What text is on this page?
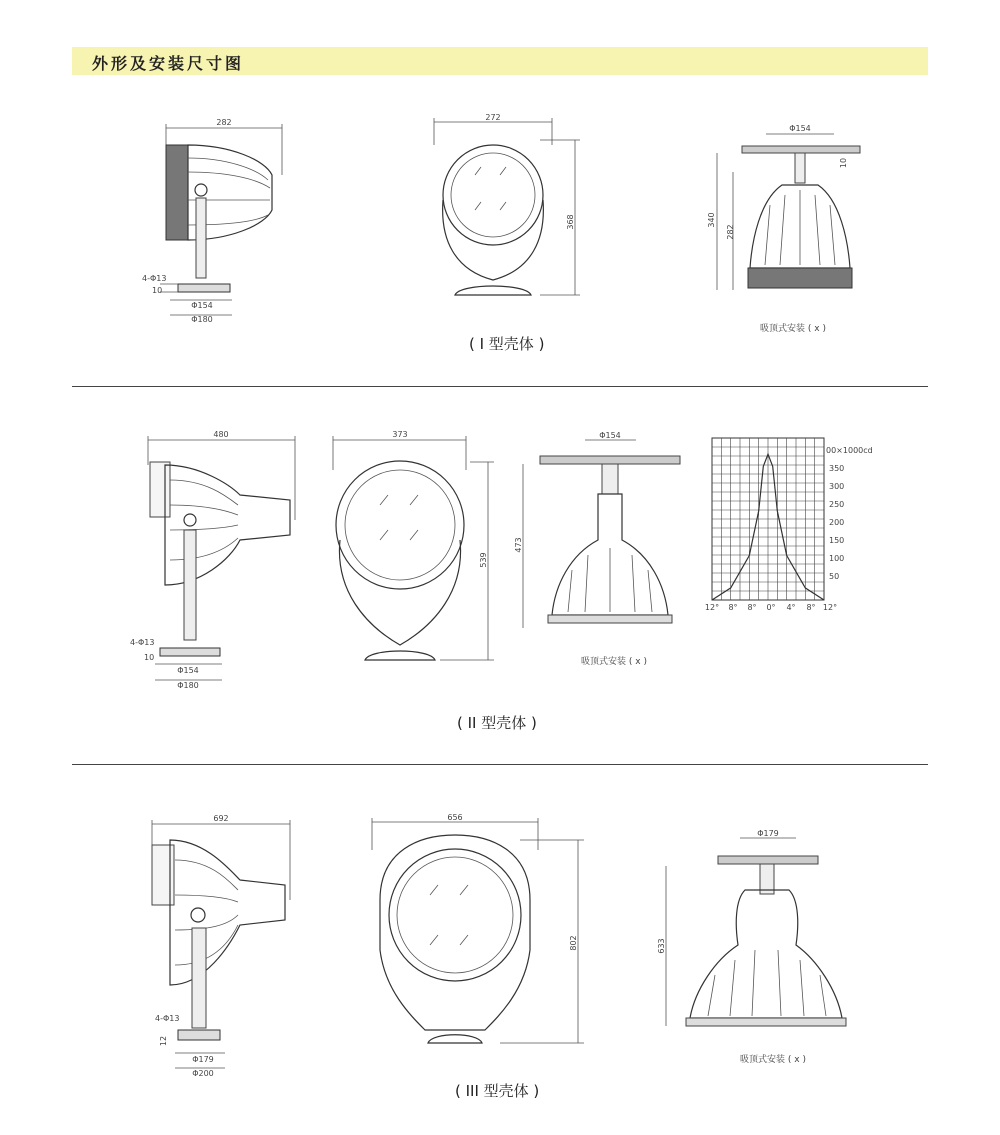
外形及安装尺寸图
282
4-Φ13
10
Φ154
Φ180
272
368
Φ154
10
340
282
吸顶式安装 ( x )
480
4-Φ13
10
Φ154
Φ180
373
539
Φ154
473
吸顶式安装 ( x )
00×1000cd
350
300
250
200
150
100
50
12° 8° 8° 0° 4° 8° 12°
692
4-Φ13
12
Φ179
Φ200
656
802
Φ179
633
吸顶式安装 ( x )
( I 型壳体 )
( II 型壳体 )
( III 型壳体 )
